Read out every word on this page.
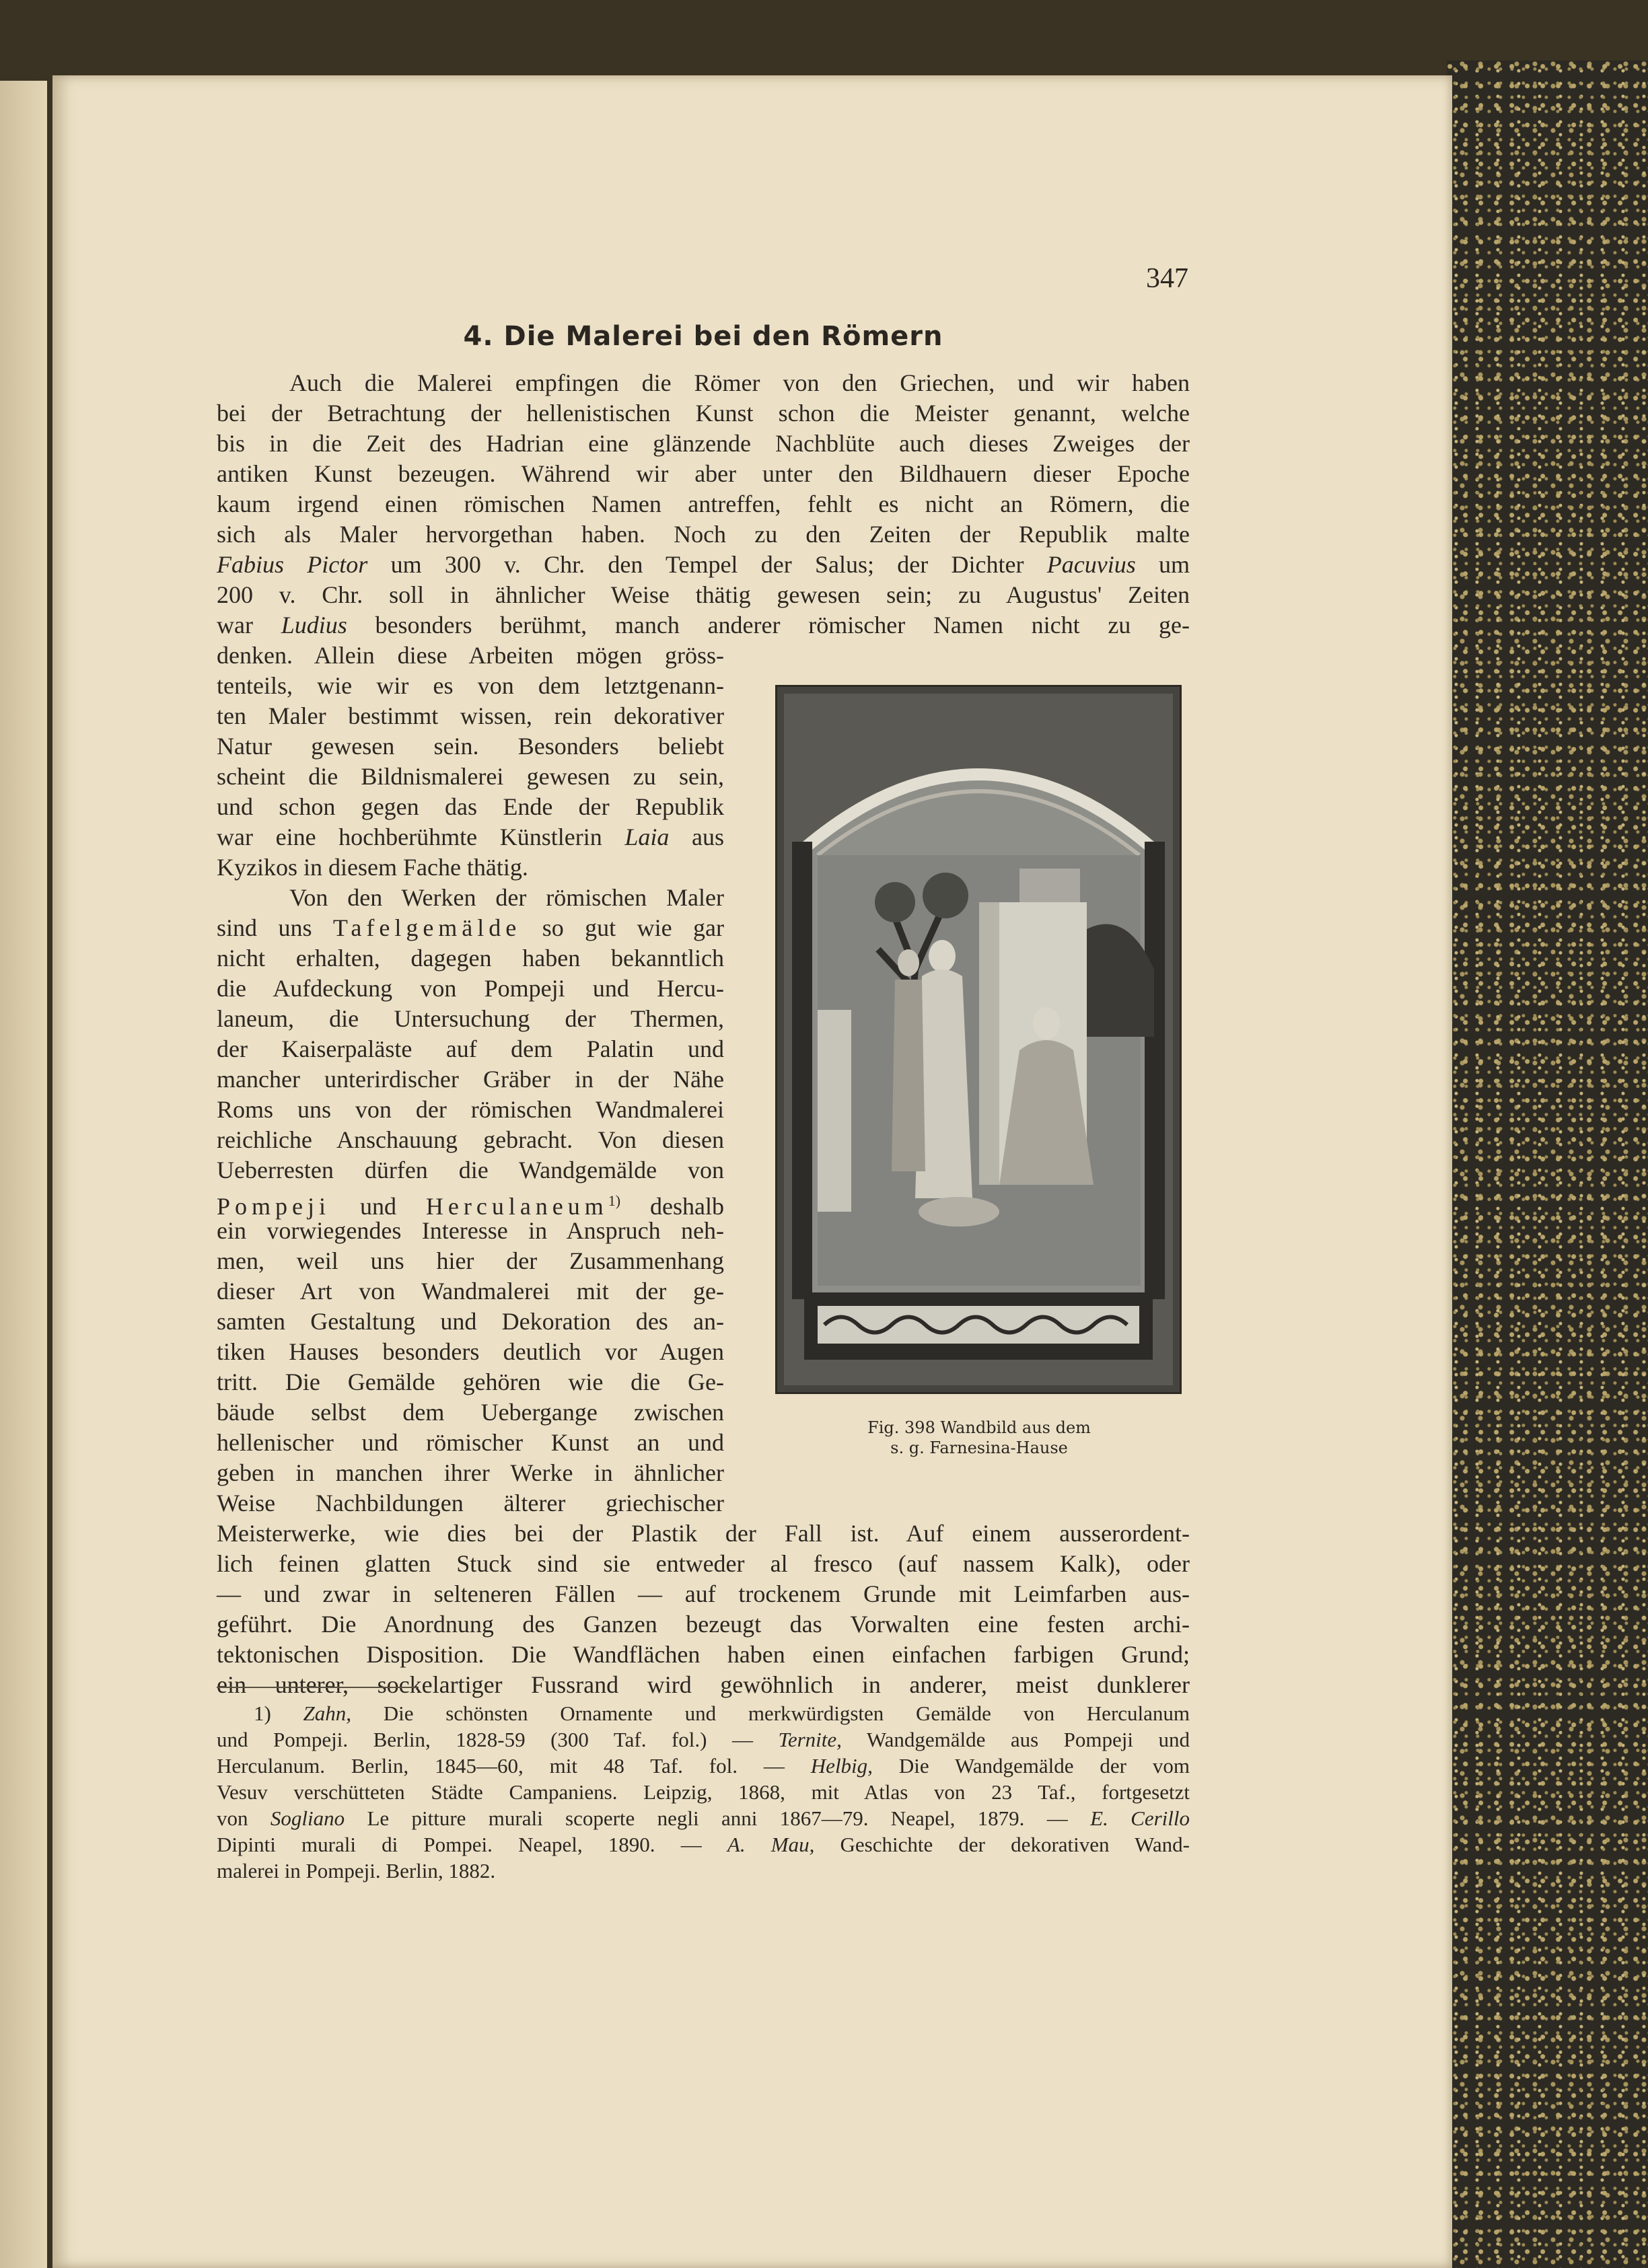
347

4. Die Malerei bei den Römern

Auch die Malerei empfingen die Römer von den Griechen, und wir haben

bei der Betrachtung der hellenistischen Kunst schon die Meister genannt, welche

bis in die Zeit des Hadrian eine glänzende Nachblüte auch dieses Zweiges der

antiken Kunst bezeugen. Während wir aber unter den Bildhauern dieser Epoche

kaum irgend einen römischen Namen antreffen, fehlt es nicht an Römern, die

sich als Maler hervorgethan haben. Noch zu den Zeiten der Republik malte

Fabius Pictor um 300 v. Chr. den Tempel der Salus; der Dichter Pacuvius um

200 v. Chr. soll in ähnlicher Weise thätig gewesen sein; zu Augustus' Zeiten

war Ludius besonders berühmt, manch anderer römischer Namen nicht zu ge-

denken. Allein diese Arbeiten mögen gröss-

tenteils, wie wir es von dem letztgenann-

ten Maler bestimmt wissen, rein dekorativer

Natur gewesen sein. Besonders beliebt

scheint die Bildnismalerei gewesen zu sein,

und schon gegen das Ende der Republik

war eine hochberühmte Künstlerin Laia aus

Kyzikos in diesem Fache thätig.

Von den Werken der römischen Maler

sind uns Tafelgemälde so gut wie gar

nicht erhalten, dagegen haben bekanntlich

die Aufdeckung von Pompeji und Hercu-

laneum, die Untersuchung der Thermen,

der Kaiserpaläste auf dem Palatin und

mancher unterirdischer Gräber in der Nähe

Roms uns von der römischen Wandmalerei

reichliche Anschauung gebracht. Von diesen

Ueberresten dürfen die Wandgemälde von

Pompeji und Herculaneum$^{1)}$ deshalb

ein vorwiegendes Interesse in Anspruch neh-

men, weil uns hier der Zusammenhang

dieser Art von Wandmalerei mit der ge-

samten Gestaltung und Dekoration des an-

tiken Hauses besonders deutlich vor Augen

tritt. Die Gemälde gehören wie die Ge-

bäude selbst dem Uebergange zwischen

hellenischer und römischer Kunst an und

geben in manchen ihrer Werke in ähnlicher

Weise Nachbildungen älterer griechischer

Meisterwerke, wie dies bei der Plastik der Fall ist. Auf einem ausserordent-

lich feinen glatten Stuck sind sie entweder al fresco (auf nassem Kalk), oder

— und zwar in selteneren Fällen — auf trockenem Grunde mit Leimfarben aus-

geführt. Die Anordnung des Ganzen bezeugt das Vorwalten eine festen archi-

tektonischen Disposition. Die Wandflächen haben einen einfachen farbigen Grund;

ein unterer, sockelartiger Fussrand wird gewöhnlich in anderer, meist dunklerer

Fig. 398 Wandbild aus dem
s. g. Farnesina-Hause

1) Zahn, Die schönsten Ornamente und merkwürdigsten Gemälde von Herculanum

und Pompeji. Berlin, 1828-59 (300 Taf. fol.) — Ternite, Wandgemälde aus Pompeji und

Herculanum. Berlin, 1845—60, mit 48 Taf. fol. — Helbig, Die Wandgemälde der vom

Vesuv verschütteten Städte Campaniens. Leipzig, 1868, mit Atlas von 23 Taf., fortgesetzt

von Sogliano Le pitture murali scoperte negli anni 1867—79. Neapel, 1879. — E. Cerillo

Dipinti murali di Pompei. Neapel, 1890. — A. Mau, Geschichte der dekorativen Wand-

malerei in Pompeji. Berlin, 1882.
